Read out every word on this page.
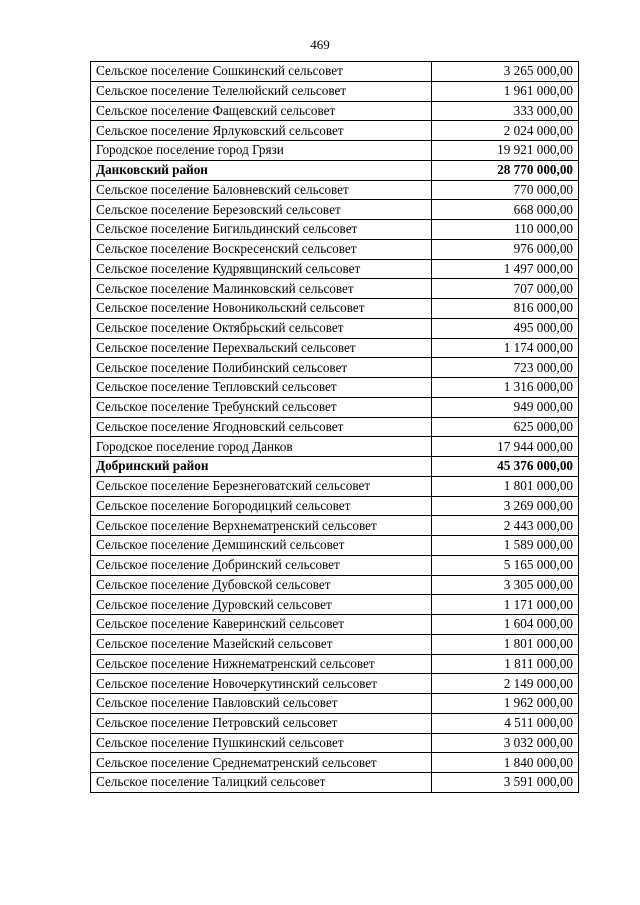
469
Сельское поселение Сошкинский сельсовет	3 265 000,00
Сельское поселение Телелюйский сельсовет	1 961 000,00
Сельское поселение Фащевский сельсовет	333 000,00
Сельское поселение Ярлуковский сельсовет	2 024 000,00
Городское поселение город Грязи	19 921 000,00
Данковский район	28 770 000,00
Сельское поселение Баловневский сельсовет	770 000,00
Сельское поселение Березовский сельсовет	668 000,00
Сельское поселение Бигильдинский сельсовет	110 000,00
Сельское поселение Воскресенский сельсовет	976 000,00
Сельское поселение Кудрявщинский сельсовет	1 497 000,00
Сельское поселение Малинковский сельсовет	707 000,00
Сельское поселение Новоникольский сельсовет	816 000,00
Сельское поселение Октябрьский сельсовет	495 000,00
Сельское поселение Перехвальский сельсовет	1 174 000,00
Сельское поселение Полибинский сельсовет	723 000,00
Сельское поселение Тепловский сельсовет	1 316 000,00
Сельское поселение Требунский сельсовет	949 000,00
Сельское поселение Ягодновский сельсовет	625 000,00
Городское поселение город Данков	17 944 000,00
Добринский район	45 376 000,00
Сельское поселение Березнеговатский сельсовет	1 801 000,00
Сельское поселение Богородицкий сельсовет	3 269 000,00
Сельское поселение Верхнематренский сельсовет	2 443 000,00
Сельское поселение Демшинский сельсовет	1 589 000,00
Сельское поселение Добринский сельсовет	5 165 000,00
Сельское поселение Дубовской сельсовет	3 305 000,00
Сельское поселение Дуровский сельсовет	1 171 000,00
Сельское поселение Каверинский сельсовет	1 604 000,00
Сельское поселение Мазейский сельсовет	1 801 000,00
Сельское поселение Нижнематренский сельсовет	1 811 000,00
Сельское поселение Новочеркутинский сельсовет	2 149 000,00
Сельское поселение Павловский сельсовет	1 962 000,00
Сельское поселение Петровский сельсовет	4 511 000,00
Сельское поселение Пушкинский сельсовет	3 032 000,00
Сельское поселение Среднематренский сельсовет	1 840 000,00
Сельское поселение Талицкий сельсовет	3 591 000,00
